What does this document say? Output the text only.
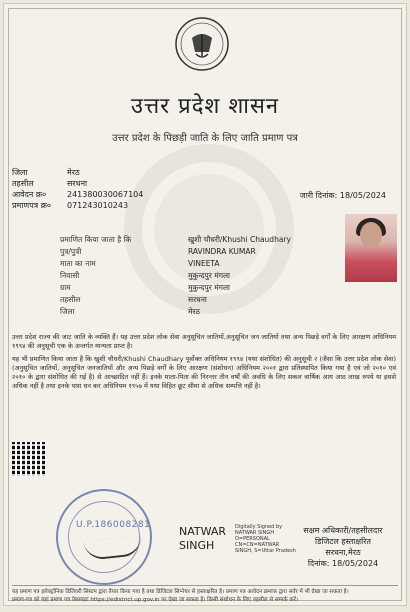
उत्तर प्रदेश शासन
उत्तर प्रदेश के पिछड़ी जाति के लिए जाति प्रमाण पत्र
जिला	मेरठ
तहसील	सरधना
आवेदन क्र०	241380030067104
प्रमाणपत्र क्र०	071243010243
जारी दिनांक: 18/05/2024
प्रमाणित किया जाता है कि	खुशी चौधरी/Khushi Chaudhary
पुत्र/पुत्री	RAVINDRA KUMAR
माता का नाम	VINEETA
निवासी	मुकुन्दपुर मंगला
ग्राम	मुकुन्दपुर मंगला
तहसील	सरधना
जिला	मेरठ
उत्तर प्रदेश राज्य की जाट जाति के व्यक्ति हैं। यह उत्तर प्रदेश लोक सेवा अनुसूचित जातियों,अनुसूचित जन जातियों तथा अन्य पिछड़े वर्गों के लिए आरक्षण अधिनियम १९९४ की अनुसूची एक के अन्तर्गत मान्यता प्राप्त है।
यह भी प्रमाणित किया जाता है कि खुशी चौधरी/Khushi Chaudhary पूर्वोक्त अधिनियम १९९४ (यथा संशोधित) की अनुसूची २ (जैसा कि उत्तर प्रदेश लोक सेवा)(अनुसूचित जातियों, अनुसूचित जनजातियों और अन्य पिछड़े वर्गों के लिए आरक्षण (संशोधन) अधिनियम २००१ द्वारा प्रतिस्थापित किया गया है एवं जो २०१० एवं २०१० के द्वारा संशोधित की गई है) से आच्छादित नहीं हैं। इनके माता-पिता की निरन्तर तीन वर्षों की अवधि के लिए सकल वार्षिक आय आठ लाख रुपये या इससे अधिक नहीं है तथा इनके पास धन कर अधिनियम १९५७ में यथा विहित छूट सीमा से अधिक सम्पत्ति नहीं है।
U.P.186008281	NATWAR
SINGH
Digitally Signed by
NATWAR SINGH
O=PERSONAL
CN=CN=NATWAR
SINGH, S=Uttar Pradesh
सक्षम अधिकारी/तहसीलदार
डिजिटल हस्ताक्षरित
सरधना,मेरठ
दिनांक: 18/05/2024
यह प्रमाण पत्र इलेक्ट्रॉनिक डिलिवरी सिस्टम द्वारा तैयार किया गया है तथा डिजिटल सिग्नेचर से हस्ताक्षरित है। प्रमाण पत्र आवेदन क्रमांक द्वारा सर्वर में भी देखा जा सकता है।
प्रमाण-पत्र को यहां प्रमाण पत्र वेबसाइट https://edistrict.up.gov.in पर देखा जा सकता है। किसी संशोधन के लिए तहसील से सम्पर्क करें।
